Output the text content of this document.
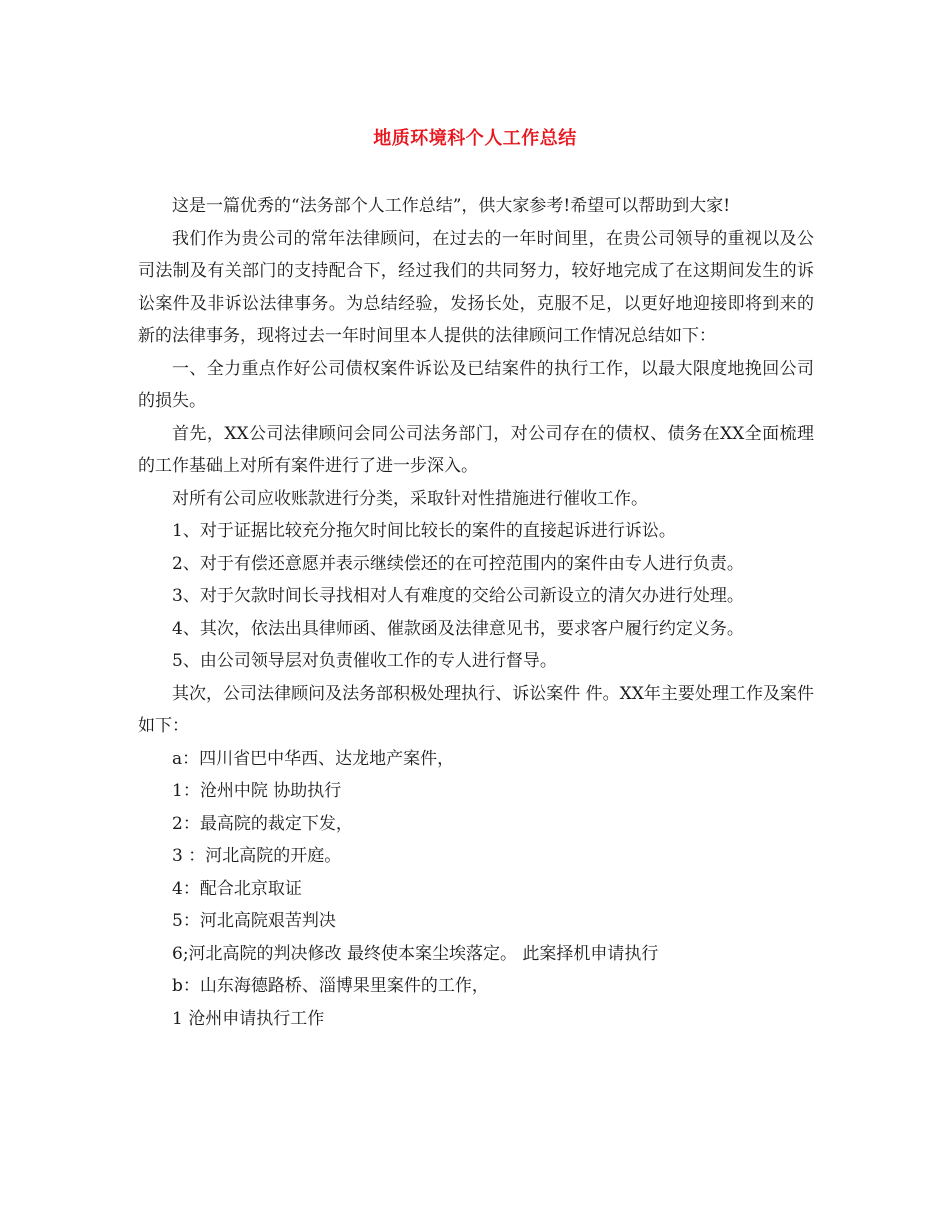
地质环境科个人工作总结

这是一篇优秀的“法务部个人工作总结”，供大家参考!希望可以帮助到大家!

我们作为贵公司的常年法律顾问，在过去的一年时间里，在贵公司领导的重视以及公司法制及有关部门的支持配合下，经过我们的共同努力，较好地完成了在这期间发生的诉讼案件及非诉讼法律事务。为总结经验，发扬长处，克服不足，以更好地迎接即将到来的新的法律事务，现将过去一年时间里本人提供的法律顾问工作情况总结如下：

一、全力重点作好公司债权案件诉讼及已结案件的执行工作，以最大限度地挽回公司的损失。

首先，XX公司法律顾问会同公司法务部门，对公司存在的债权、债务在XX全面梳理的工作基础上对所有案件进行了进一步深入。

对所有公司应收账款进行分类，采取针对性措施进行催收工作。

1、对于证据比较充分拖欠时间比较长的案件的直接起诉进行诉讼。

2、对于有偿还意愿并表示继续偿还的在可控范围内的案件由专人进行负责。

3、对于欠款时间长寻找相对人有难度的交给公司新设立的清欠办进行处理。

4、其次，依法出具律师函、催款函及法律意见书，要求客户履行约定义务。

5、由公司领导层对负责催收工作的专人进行督导。

其次，公司法律顾问及法务部积极处理执行、诉讼案件 件。XX年主要处理工作及案件如下：

a：四川省巴中华西、达龙地产案件，

1：沧州中院 协助执行

2：最高院的裁定下发，

3 ：河北高院的开庭。

4：配合北京取证

5：河北高院艰苦判决

6;河北高院的判决修改 最终使本案尘埃落定。 此案择机申请执行

b：山东海德路桥、淄博果里案件的工作，

1 沧州申请执行工作
